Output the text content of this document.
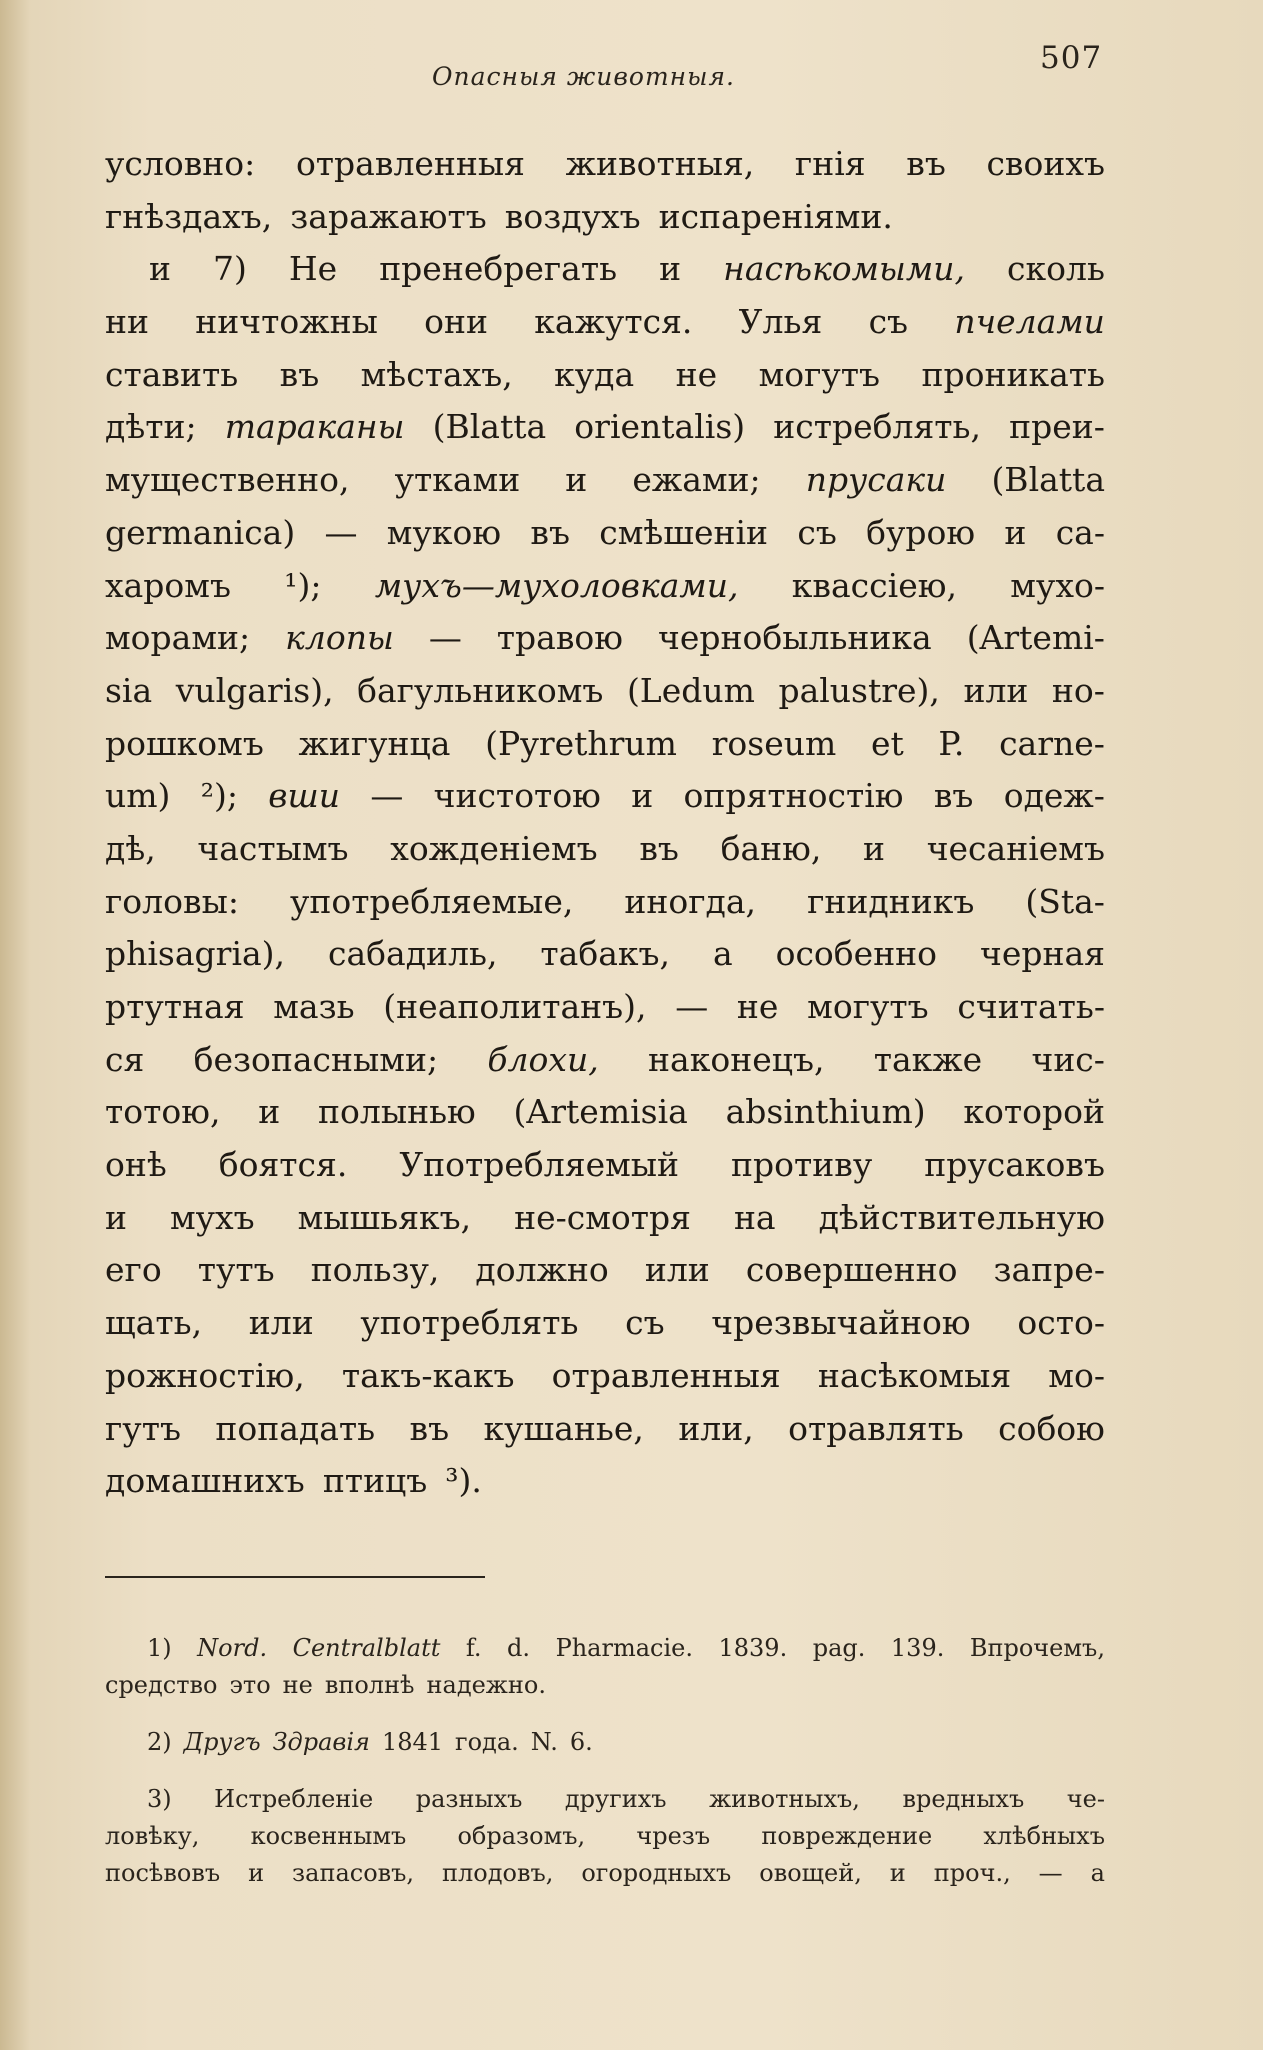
Опасныя животныя.
507
условно: отравленныя животныя, гнія въ своихъ
гнѣздахъ, заражаютъ воздухъ испареніями.
и 7) Не пренебрегать и насѣкомыми, сколь
ни ничтожны они кажутся. Улья съ пчелами
ставить въ мѣстахъ, куда не могутъ проникать
дѣти; тараканы (Blatta orientalis) истреблять, преи-
мущественно, утками и ежами; прусаки (Blatta
germanica) — мукою въ смѣшеніи съ бурою и са-
харомъ ¹); мухъ—мухоловками, квассіею, мухо-
морами; клопы — травою чернобыльника (Artemi-
sia vulgaris), багульникомъ (Ledum palustre), или но-
рошкомъ жигунца (Pyrethrum roseum et P. carne-
um) ²); вши — чистотою и опрятностію въ одеж-
дѣ, частымъ хожденіемъ въ баню, и чесаніемъ
головы: употребляемые, иногда, гнидникъ (Sta-
phisagria), сабадиль, табакъ, а особенно черная
ртутная мазь (неаполитанъ), — не могутъ считать-
ся безопасными; блохи, наконецъ, также чис-
тотою, и полынью (Artemisia absinthium) которой
онѣ боятся. Употребляемый противу прусаковъ
и мухъ мышьякъ, не-смотря на дѣйствительную
его тутъ пользу, должно или совершенно запре-
щать, или употреблять съ чрезвычайною осто-
рожностію, такъ-какъ отравленныя насѣкомыя мо-
гутъ попадать въ кушанье, или, отравлять собою
домашнихъ птицъ ³).
1) Nord. Centralblatt f. d. Pharmacie. 1839. pag. 139. Впрочемъ,
средство это не вполнѣ надежно.
2) Другъ Здравія 1841 года. N. 6.
3) Истребленіе разныхъ другихъ животныхъ, вредныхъ че-
ловѣку, косвеннымъ образомъ, чрезъ повреждение хлѣбныхъ
посѣвовъ и запасовъ, плодовъ, огородныхъ овощей, и проч., — а
